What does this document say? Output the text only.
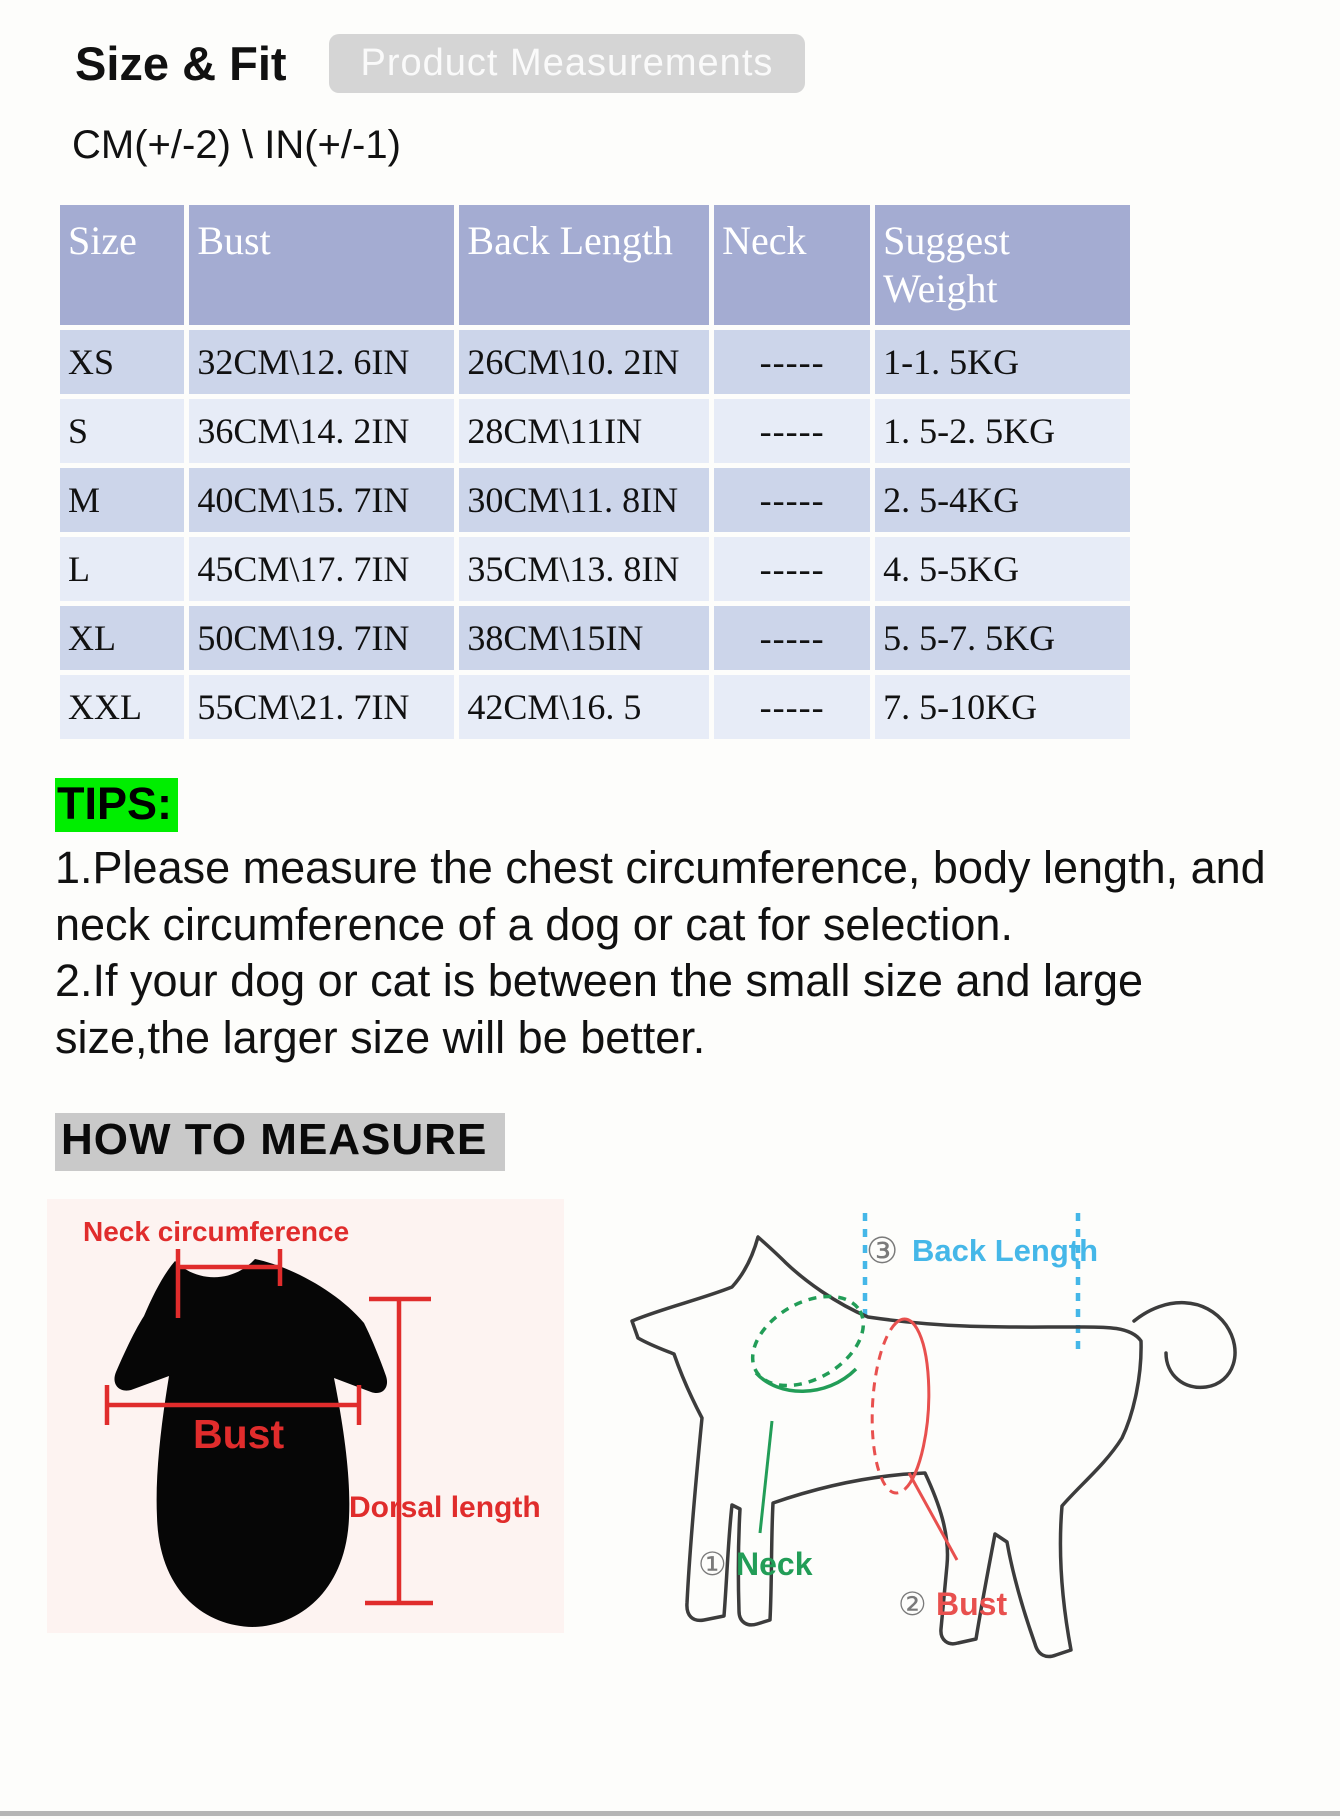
Size & Fit	Product Measurements
CM(+/-2) \ IN(+/-1)
Size	Bust	Back Length	Neck	Suggest Weight
XS	32CM\12. 6IN	26CM\10. 2IN	-----	1-1. 5KG
S	36CM\14. 2IN	28CM\11IN	-----	1. 5-2. 5KG
M	40CM\15. 7IN	30CM\11. 8IN	-----	2. 5-4KG
L	45CM\17. 7IN	35CM\13. 8IN	-----	4. 5-5KG
XL	50CM\19. 7IN	38CM\15IN	-----	5. 5-7. 5KG
XXL	55CM\21. 7IN	42CM\16. 5	-----	7. 5-10KG
TIPS:

1.Please measure the chest circumference, body length, and neck circumference of a dog or cat for selection.

2.If your dog or cat is between the small size and large size,the larger size will be better.

HOW TO MEASURE
Neck circumference
Bust
Dorsal length
③ Back Length
① Neck
② Bust
